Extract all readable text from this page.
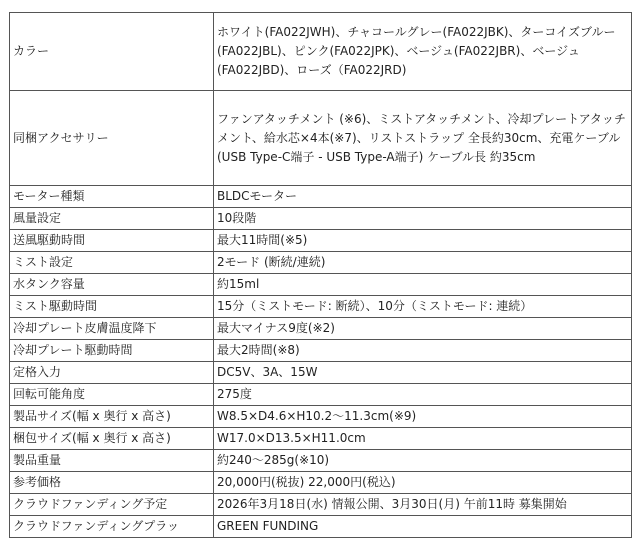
カラー	ホワイト(FA022JWH)、チャコールグレー(FA022JBK)、ターコイズブルー(FA022JBL)、ピンク(FA022JPK)、ベージュ(FA022JBR)、ベージュ(FA022JBD)、ローズ（FA022JRD)
同梱アクセサリー	ファンアタッチメント (※6)、ミストアタッチメント、冷却プレートアタッチメント、給水芯×4本(※7)、リストストラップ 全長約30cm、充電ケーブル (USB Type-C端子 - USB Type-A端子) ケーブル長 約35cm
モーター種類	BLDCモーター
風量設定	10段階
送風駆動時間	最大11時間(※5)
ミスト設定	2モード (断続/連続)
水タンク容量	約15ml
ミスト駆動時間	15分（ミストモード: 断続）、10分（ミストモード: 連続）
冷却プレート皮膚温度降下	最大マイナス9度(※2)
冷却プレート駆動時間	最大2時間(※8)
定格入力	DC5V、3A、15W
回転可能角度	275度
製品サイズ(幅 x 奥行 x 高さ)	W8.5×D4.6×H10.2～11.3cm(※9)
梱包サイズ(幅 x 奥行 x 高さ)	W17.0×D13.5×H11.0cm
製品重量	約240～285g(※10)
参考価格	20,000円(税抜) 22,000円(税込)
クラウドファンディング予定	2026年3月18日(水) 情報公開、3月30日(月) 午前11時 募集開始
クラウドファンディングプラッ	GREEN FUNDING
